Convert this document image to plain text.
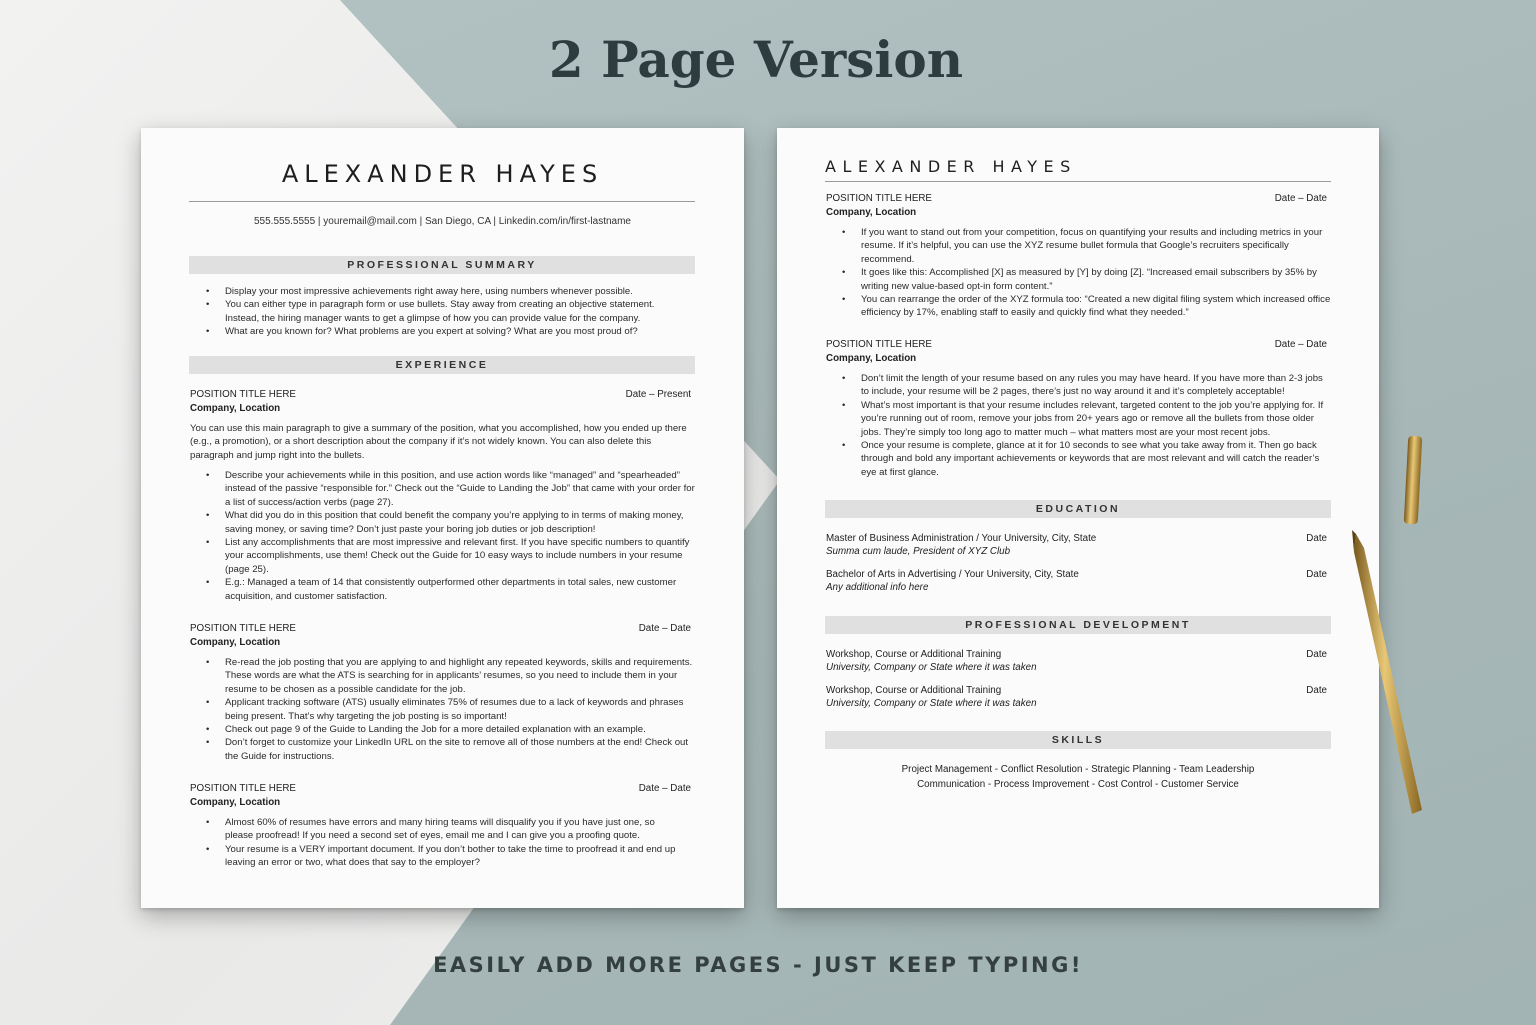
2 Page Version
ALEXANDER HAYES
555.555.5555 | youremail@mail.com | San Diego, CA | Linkedin.com/in/first-lastname
PROFESSIONAL SUMMARY
• Display your most impressive achievements right away here, using numbers whenever possible.
• You can either type in paragraph form or use bullets. Stay away from creating an objective statement. Instead, the hiring manager wants to get a glimpse of how you can provide value for the company.
• What are you known for? What problems are you expert at solving? What are you most proud of?
EXPERIENCE
POSITION TITLE HERE	Date – Present
Company, Location
You can use this main paragraph to give a summary of the position, what you accomplished, how you ended up there (e.g., a promotion), or a short description about the company if it’s not widely known. You can also delete this paragraph and jump right into the bullets.
• Describe your achievements while in this position, and use action words like “managed” and “spearheaded” instead of the passive “responsible for.” Check out the “Guide to Landing the Job” that came with your order for a list of success/action verbs (page 27).
• What did you do in this position that could benefit the company you’re applying to in terms of making money, saving money, or saving time? Don’t just paste your boring job duties or job description!
• List any accomplishments that are most impressive and relevant first. If you have specific numbers to quantify your accomplishments, use them! Check out the Guide for 10 easy ways to include numbers in your resume (page 25).
• E.g.: Managed a team of 14 that consistently outperformed other departments in total sales, new customer acquisition, and customer satisfaction.
POSITION TITLE HERE	Date – Date
Company, Location
• Re-read the job posting that you are applying to and highlight any repeated keywords, skills and requirements. These words are what the ATS is searching for in applicants’ resumes, so you need to include them in your resume to be chosen as a possible candidate for the job.
• Applicant tracking software (ATS) usually eliminates 75% of resumes due to a lack of keywords and phrases being present. That’s why targeting the job posting is so important!
• Check out page 9 of the Guide to Landing the Job for a more detailed explanation with an example.
• Don’t forget to customize your LinkedIn URL on the site to remove all of those numbers at the end! Check out the Guide for instructions.
POSITION TITLE HERE	Date – Date
Company, Location
• Almost 60% of resumes have errors and many hiring teams will disqualify you if you have just one, so please proofread! If you need a second set of eyes, email me and I can give you a proofing quote.
• Your resume is a VERY important document. If you don’t bother to take the time to proofread it and end up leaving an error or two, what does that say to the employer?
ALEXANDER HAYES
POSITION TITLE HERE	Date – Date
Company, Location
• If you want to stand out from your competition, focus on quantifying your results and including metrics in your resume. If it’s helpful, you can use the XYZ resume bullet formula that Google’s recruiters specifically recommend.
• It goes like this: Accomplished [X] as measured by [Y] by doing [Z]. “Increased email subscribers by 35% by writing new value-based opt-in form content.”
• You can rearrange the order of the XYZ formula too: “Created a new digital filing system which increased office efficiency by 17%, enabling staff to easily and quickly find what they needed.”
POSITION TITLE HERE	Date – Date
Company, Location
• Don’t limit the length of your resume based on any rules you may have heard. If you have more than 2-3 jobs to include, your resume will be 2 pages, there’s just no way around it and it’s completely acceptable!
• What’s most important is that your resume includes relevant, targeted content to the job you’re applying for. If you’re running out of room, remove your jobs from 20+ years ago or remove all the bullets from those older jobs. They’re simply too long ago to matter much – what matters most are your most recent jobs.
• Once your resume is complete, glance at it for 10 seconds to see what you take away from it. Then go back through and bold any important achievements or keywords that are most relevant and will catch the reader’s eye at first glance.
EDUCATION
Master of Business Administration / Your University, City, State	Date
Summa cum laude, President of XYZ Club
Bachelor of Arts in Advertising / Your University, City, State	Date
Any additional info here
PROFESSIONAL DEVELOPMENT
Workshop, Course or Additional Training	Date
University, Company or State where it was taken
Workshop, Course or Additional Training	Date
University, Company or State where it was taken
SKILLS
Project Management - Conflict Resolution - Strategic Planning - Team Leadership
Communication - Process Improvement - Cost Control - Customer Service
EASILY ADD MORE PAGES - JUST KEEP TYPING!
